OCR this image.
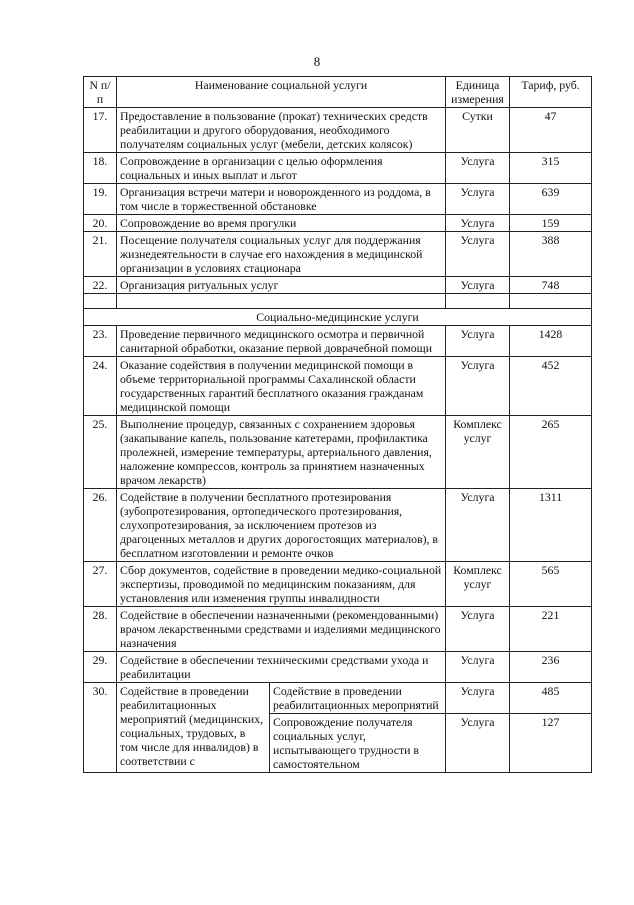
8
N п/п	Наименование социальной услуги		Единица измерения	Тариф, руб.
17.	Предоставление в пользование (прокат) технических средств реабилитации и другого оборудования, необходимого получателям социальных услуг (мебели, детских колясок)		Сутки	47
18.	Сопровождение в организации с целью оформления социальных и иных выплат и льгот		Услуга	315
19.	Организация встречи матери и новорожденного из роддома, в том числе в торжественной обстановке		Услуга	639
20.	Сопровождение во время прогулки		Услуга	159
21.	Посещение получателя социальных услуг для поддержания жизнедеятельности в случае его нахождения в медицинской организации в условиях стационара		Услуга	388
22.	Организация ритуальных услуг		Услуга	748

Социально-медицинские услуги				
23.	Проведение первичного медицинского осмотра и первичной санитарной обработки, оказание первой доврачебной помощи		Услуга	1428
24.	Оказание содействия в получении медицинской помощи в объеме территориальной программы Сахалинской области государственных гарантий бесплатного оказания гражданам медицинской помощи		Услуга	452
25.	Выполнение процедур, связанных с сохранением здоровья (закапывание капель, пользование катетерами, профилактика пролежней, измерение температуры, артериального давления, наложение компрессов, контроль за принятием назначенных врачом лекарств)		Комплекс услуг	265
26.	Содействие в получении бесплатного протезирования (зубопротезирования, ортопедического протезирования, слухопротезирования, за исключением протезов из драгоценных металлов и других дорогостоящих материалов), в бесплатном изготовлении и ремонте очков		Услуга	1311
27.	Сбор документов, содействие в проведении медико-социальной экспертизы, проводимой по медицинским показаниям, для установления или изменения группы инвалидности		Комплекс услуг	565
28.	Содействие в обеспечении назначенными (рекомендованными) врачом лекарственными средствами и изделиями медицинского назначения		Услуга	221
29.	Содействие в обеспечении техническими средствами ухода и реабилитации		Услуга	236
30.	Содействие в проведении реабилитационных мероприятий (медицинских, социальных, трудовых, в том числе для инвалидов) в соответствии с	Содействие в проведении реабилитационных мероприятий	Услуга	485
		Сопровождение получателя социальных услуг, испытывающего трудности в самостоятельном	Услуга	127
